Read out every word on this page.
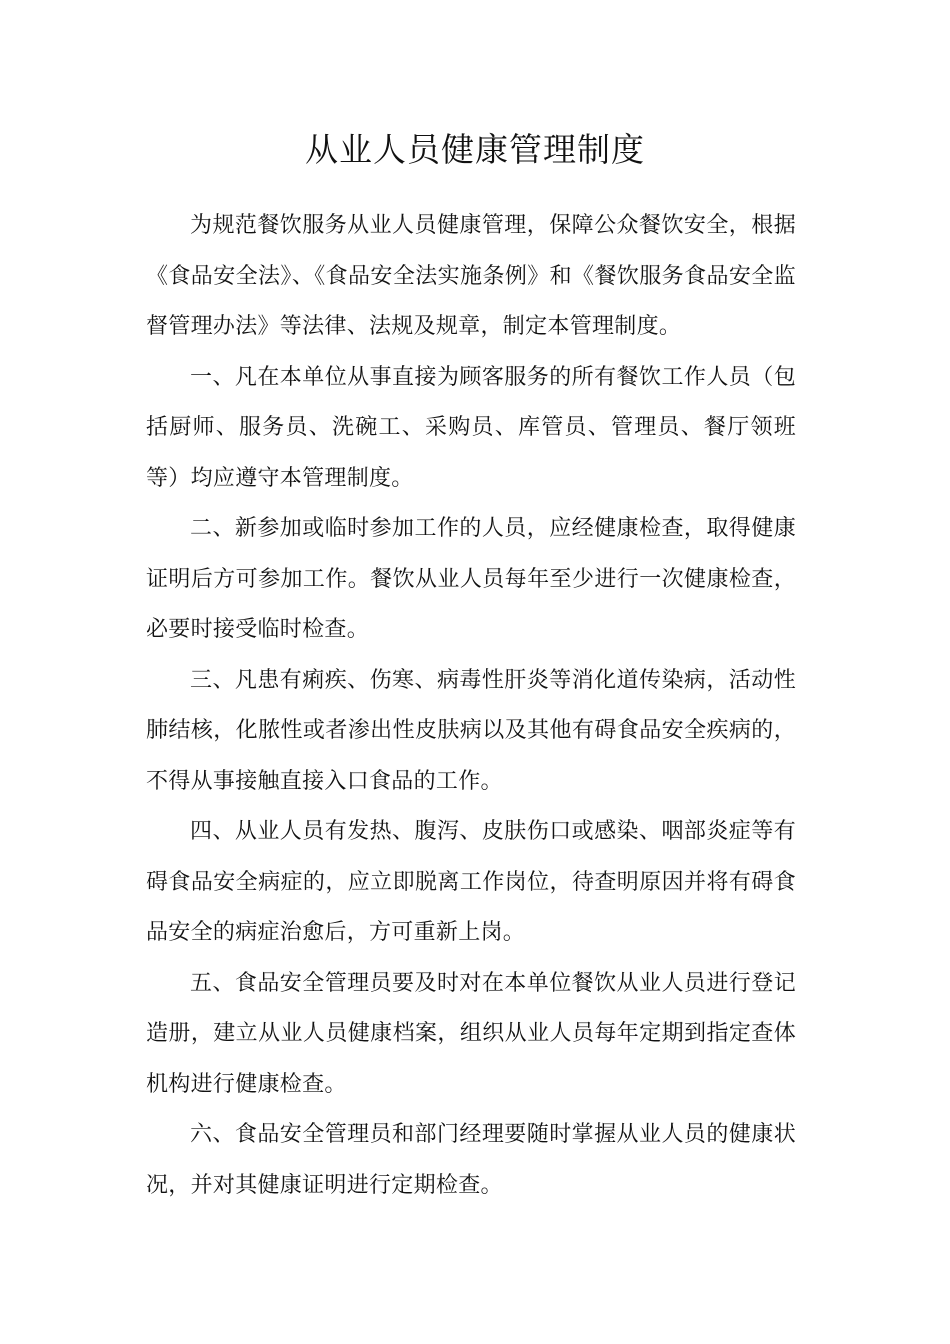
从业人员健康管理制度

为规范餐饮服务从业人员健康管理，保障公众餐饮安全，根据《食品安全法》、《食品安全法实施条例》和《餐饮服务食品安全监督管理办法》等法律、法规及规章，制定本管理制度。

一、凡在本单位从事直接为顾客服务的所有餐饮工作人员（包括厨师、服务员、洗碗工、采购员、库管员、管理员、餐厅领班等）均应遵守本管理制度。

二、新参加或临时参加工作的人员，应经健康检查，取得健康证明后方可参加工作。餐饮从业人员每年至少进行一次健康检查，必要时接受临时检查。

三、凡患有痢疾、伤寒、病毒性肝炎等消化道传染病，活动性肺结核，化脓性或者渗出性皮肤病以及其他有碍食品安全疾病的，不得从事接触直接入口食品的工作。

四、从业人员有发热、腹泻、皮肤伤口或感染、咽部炎症等有碍食品安全病症的，应立即脱离工作岗位，待查明原因并将有碍食品安全的病症治愈后，方可重新上岗。

五、食品安全管理员要及时对在本单位餐饮从业人员进行登记造册，建立从业人员健康档案，组织从业人员每年定期到指定查体机构进行健康检查。

六、食品安全管理员和部门经理要随时掌握从业人员的健康状况，并对其健康证明进行定期检查。
